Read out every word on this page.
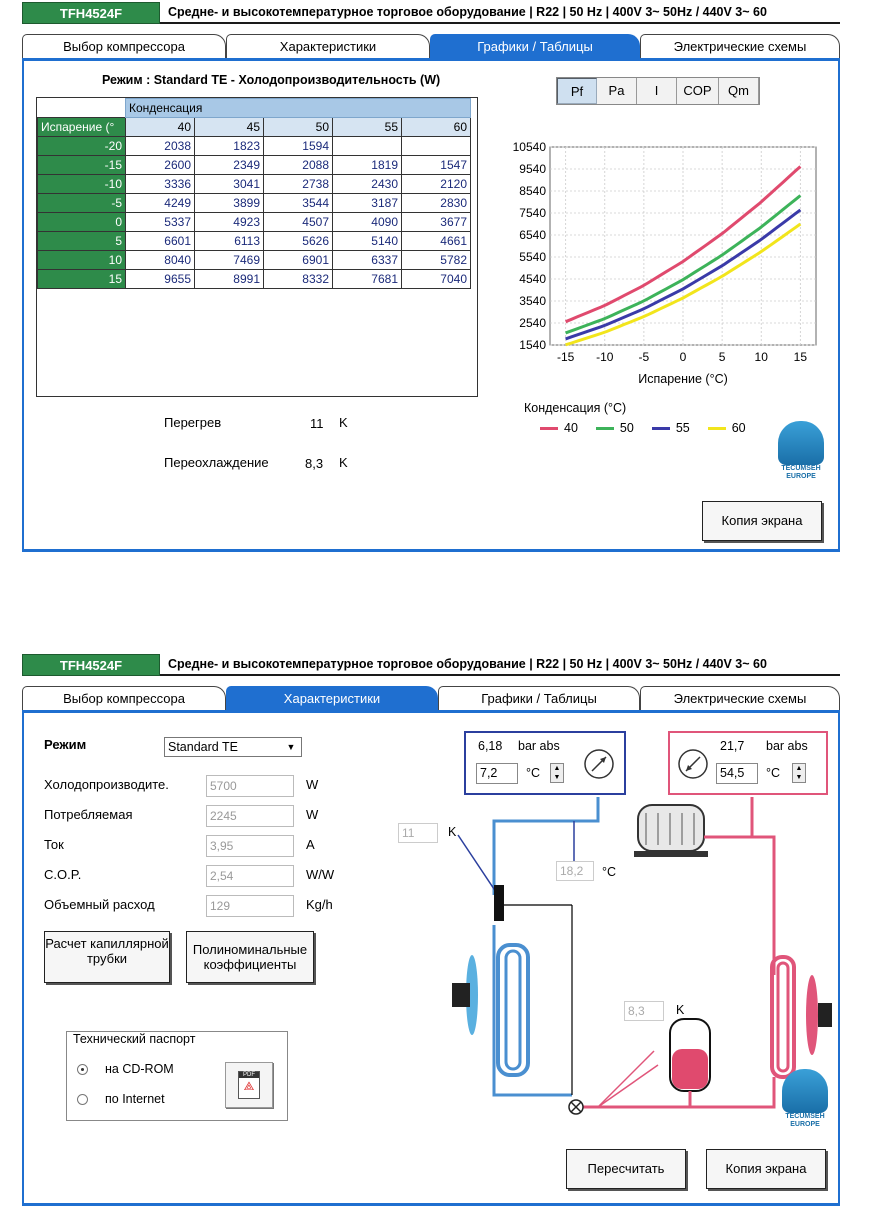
TFH4524F	Средне- и высокотемпературное торговое оборудование | R22 | 50 Hz | 400V 3~ 50Hz / 440V 3~ 60
Выбор компрессора	Характеристики	Графики / Таблицы	Электрические схемы
Режим : Standard TE - Холодопроизводительность (W)
	Конденсация				
Испарение (°	40	45	50	55	60
-20	2038	1823	1594		
-15	2600	2349	2088	1819	1547
-10	3336	3041	2738	2430	2120
-5	4249	3899	3544	3187	2830
0	5337	4923	4507	4090	3677
5	6601	6113	5626	5140	4661
10	8040	7469	6901	6337	5782
15	9655	8991	8332	7681	7040
Перегрев	11 K
Переохлаждение	8,3 K
Pf	Pa	I	COP	Qm
1540
2540
3540
4540
5540
6540
7540
8540
9540
10540
-15 -10 -5	0	5 10 15
Испарение (°C)
Конденсация (°C)
40	50	55	60
TECUMSEH
EUROPE
Копия экрана
TFH4524F	Средне- и высокотемпературное торговое оборудование | R22 | 50 Hz | 400V 3~ 50Hz / 440V 3~ 60
Выбор компрессора	Характеристики	Графики / Таблицы	Электрические схемы
Режим	Standard TE	▼
Холодопроизводите.	5700	W
Потребляемая	2245	W
Ток	3,95	A
C.O.P.	2,54	W/W
Объемный расход	129	Kg/h
Расчет капиллярной трубки
Полиноминальные коэффициенты
Технический паспорт
на CD-ROM
по Internet
PDF
⟁
6,18 bar abs
7,2	°C	▲
▼
21,7 bar abs
54,5	°C	▲
▼
11	K
18,2	°C
8,3	K
TECUMSEH
EUROPE
Пересчитать	Копия экрана
